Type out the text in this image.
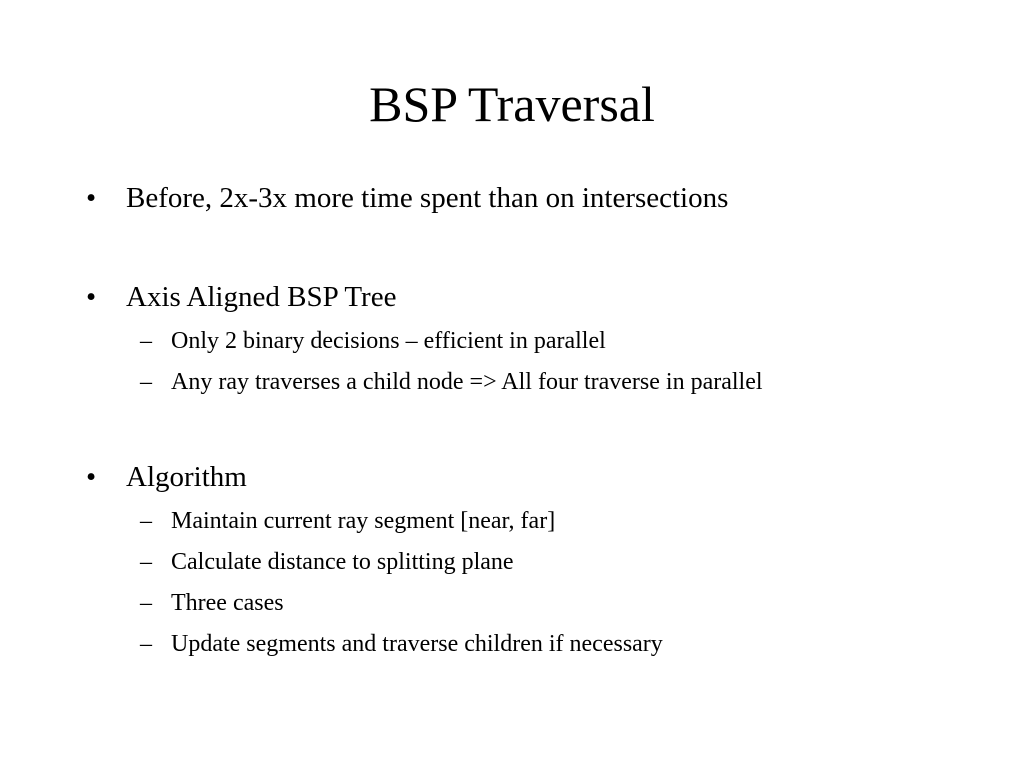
BSP Traversal
• Before, 2x-3x more time spent than on intersections
• Axis Aligned BSP Tree
– Only 2 binary decisions – efficient in parallel
– Any ray traverses a child node => All four traverse in parallel
• Algorithm
– Maintain current ray segment [near, far]
– Calculate distance to splitting plane
– Three cases
– Update segments and traverse children if necessary
